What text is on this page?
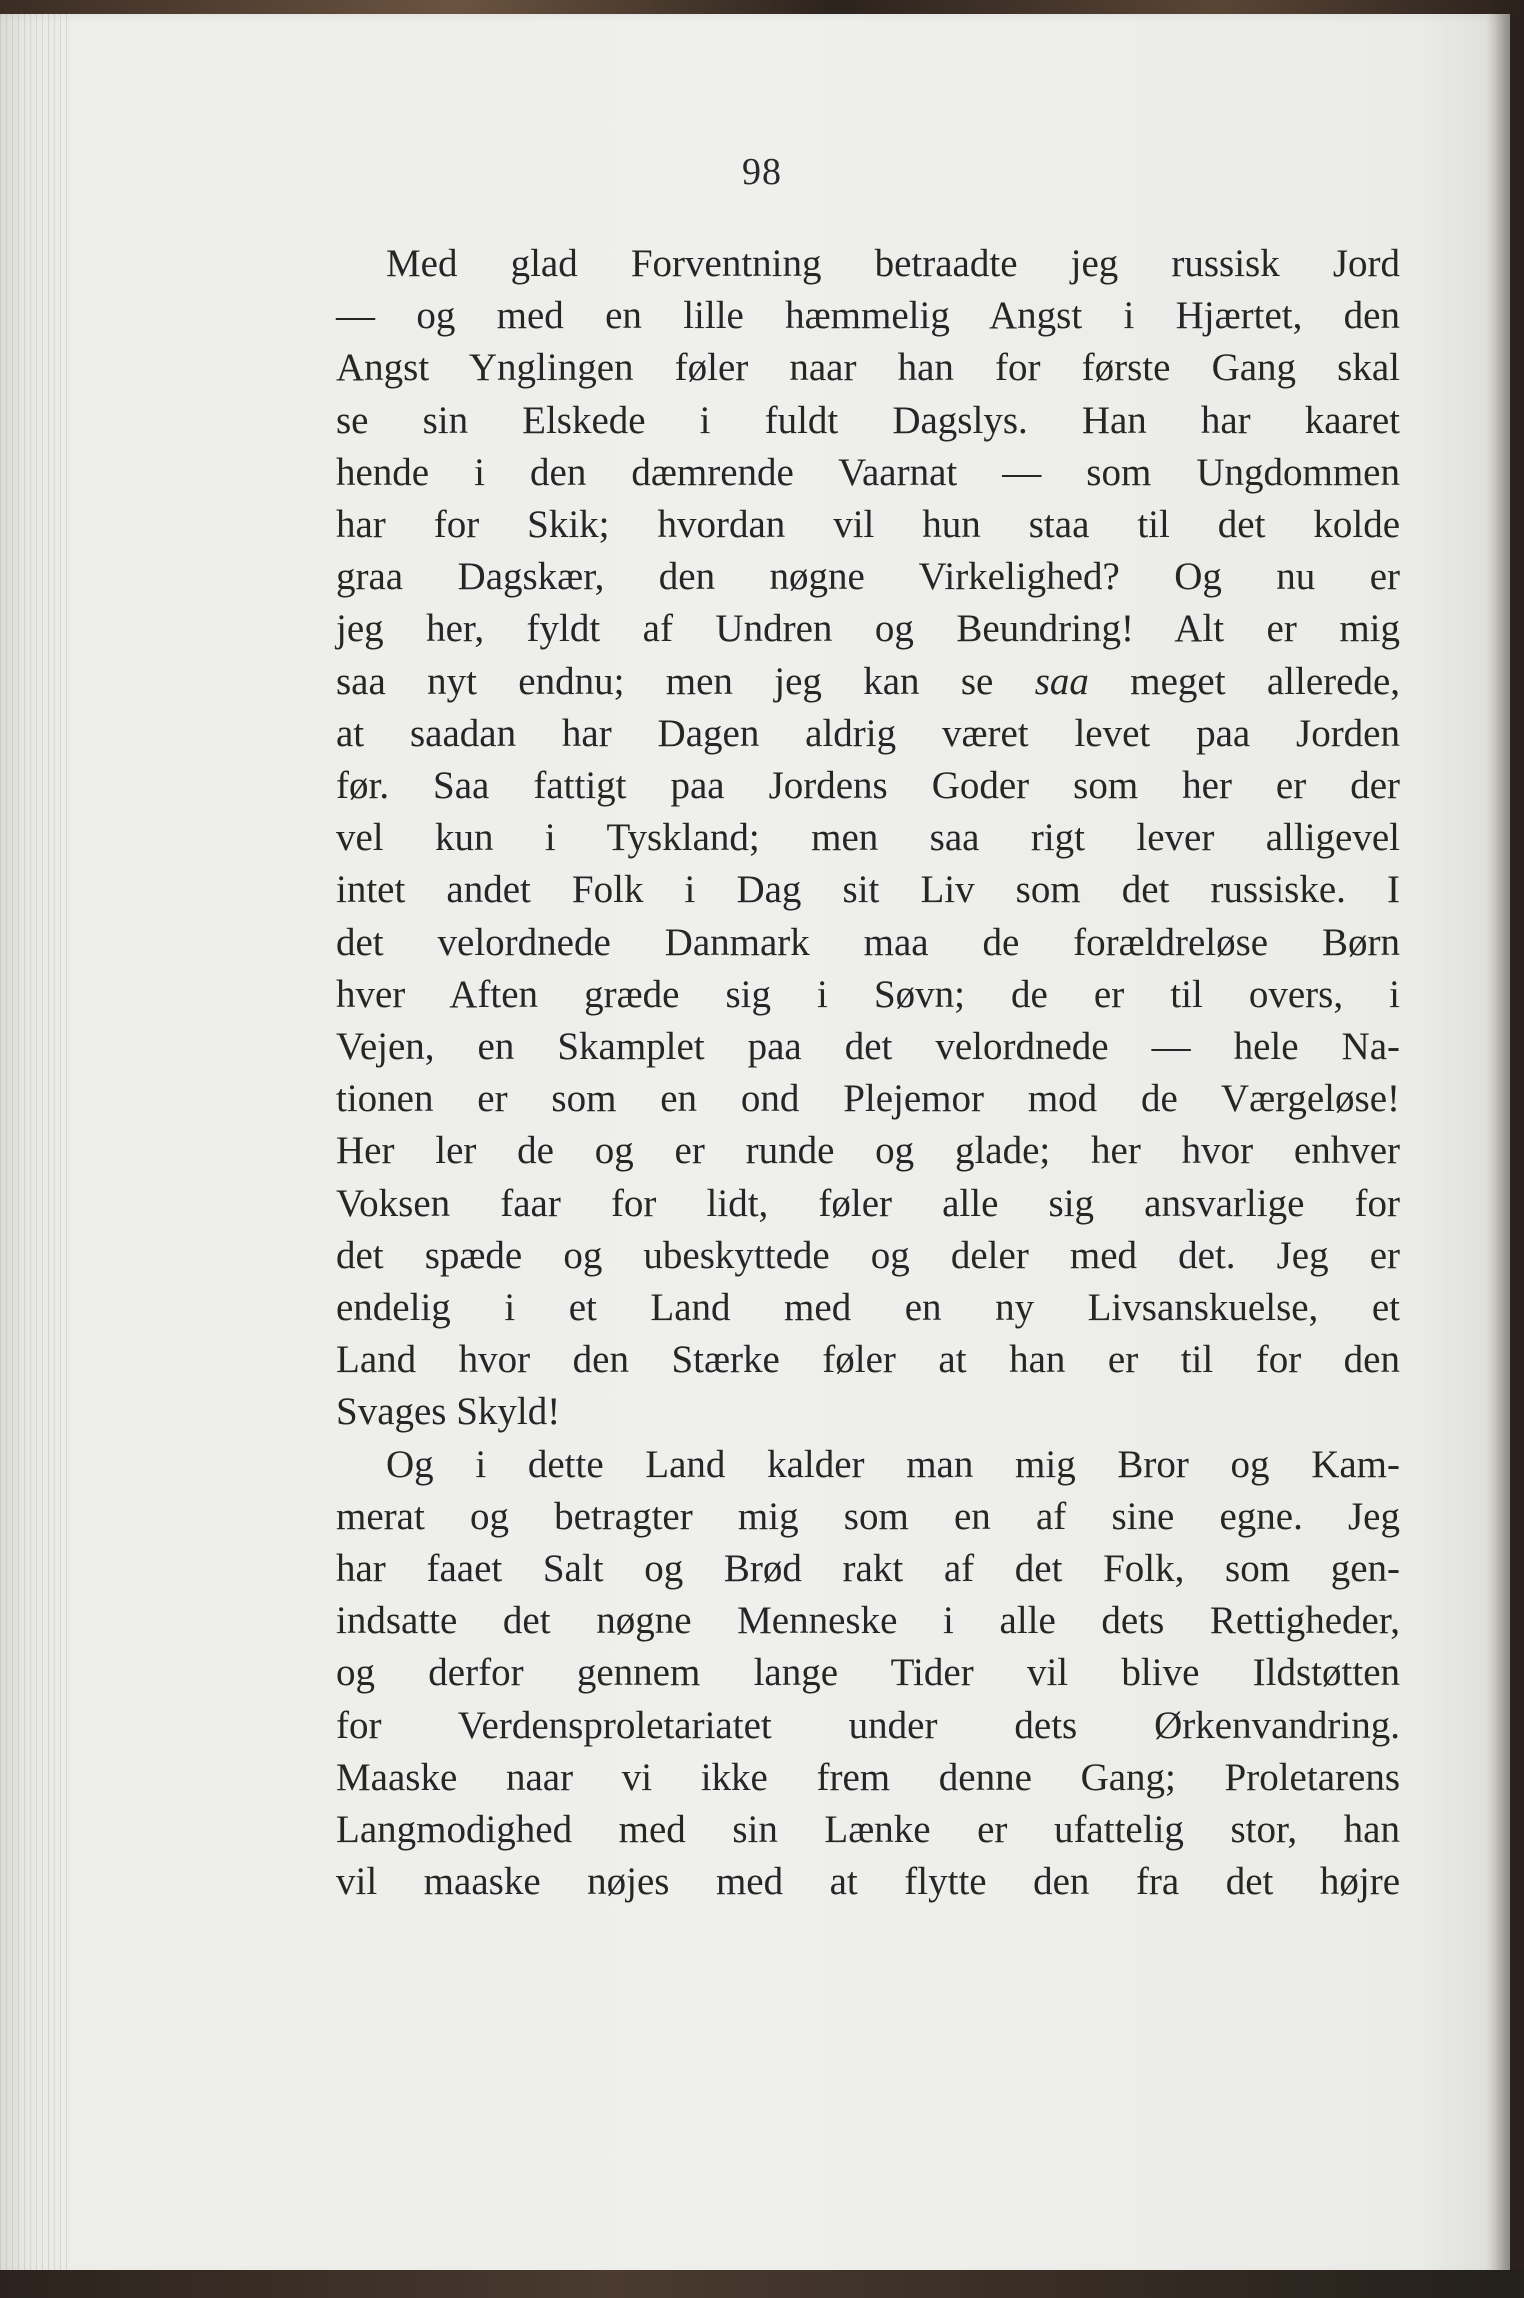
98
Med glad Forventning betraadte jeg russisk Jord
— og med en lille hæmmelig Angst i Hjærtet, den
Angst Ynglingen føler naar han for første Gang skal
se sin Elskede i fuldt Dagslys. Han har kaaret
hende i den dæmrende Vaarnat — som Ungdommen
har for Skik; hvordan vil hun staa til det kolde
graa Dagskær, den nøgne Virkelighed? Og nu er
jeg her, fyldt af Undren og Beundring! Alt er mig
saa nyt endnu; men jeg kan se saa meget allerede,
at saadan har Dagen aldrig været levet paa Jorden
før. Saa fattigt paa Jordens Goder som her er der
vel kun i Tyskland; men saa rigt lever alligevel
intet andet Folk i Dag sit Liv som det russiske. I
det velordnede Danmark maa de forældreløse Børn
hver Aften græde sig i Søvn; de er til overs, i
Vejen, en Skamplet paa det velordnede — hele Na-
tionen er som en ond Plejemor mod de Værgeløse!
Her ler de og er runde og glade; her hvor enhver
Voksen faar for lidt, føler alle sig ansvarlige for
det spæde og ubeskyttede og deler med det. Jeg er
endelig i et Land med en ny Livsanskuelse, et
Land hvor den Stærke føler at han er til for den
Svages Skyld!
Og i dette Land kalder man mig Bror og Kam-
merat og betragter mig som en af sine egne. Jeg
har faaet Salt og Brød rakt af det Folk, som gen-
indsatte det nøgne Menneske i alle dets Rettigheder,
og derfor gennem lange Tider vil blive Ildstøtten
for Verdensproletariatet under dets Ørkenvandring.
Maaske naar vi ikke frem denne Gang; Proletarens
Langmodighed med sin Lænke er ufattelig stor, han
vil maaske nøjes med at flytte den fra det højre
